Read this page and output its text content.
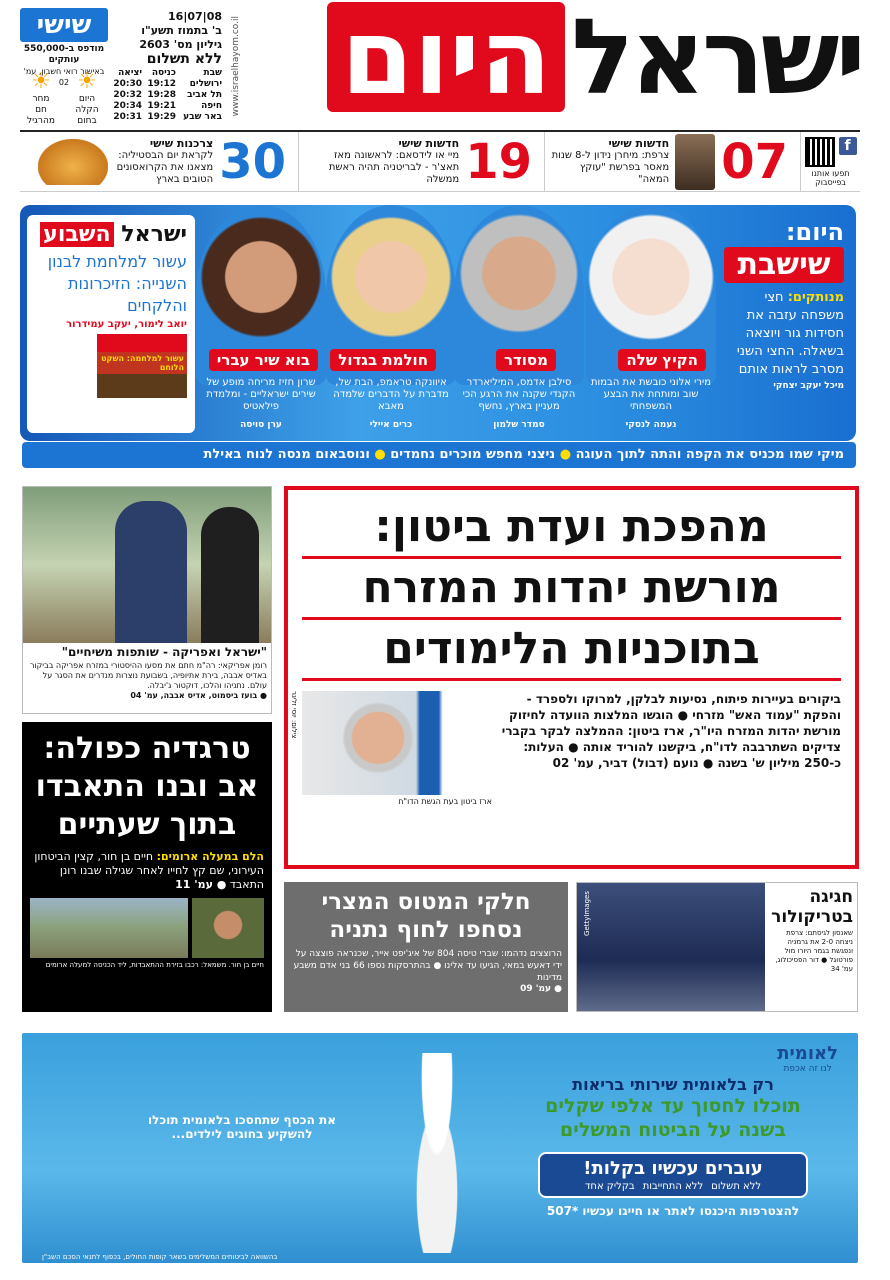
ישראל
היום
www.israelhayom.co.il
08|07|16
ב' בתמוז תשע"ו
גיליון מס' 2603
ללא תשלום
שבת
כניסה
יציאה
ירושלים
19:12
20:30
תל אביב
19:28
20:32
חיפה
19:21
20:34
באר שבע
19:29
20:31
שישי
מודפס ב-550,000 עותקים
באישור רואי חשבון, עמ' 02 ☀
היום
הקלה בחום
☀
מחר
חם מהרגיל
f
תפעו אותנו בפייסבוק
07
חדשות שישי
צרפת: מיחרן נידון ל-8 שנות מאסר בפרשת "עוקץ המאה"
19
חדשות שישי
מיי או לידסאם: לראשונה מאז תאצ'ר - לבריטניה תהיה ראשת ממשלה
30
צרכנות שישי
לקראת יום הבסטיליה: מצאנו את הקרואסונים הטובים בארץ
היום:
שישבת
מנותקים: חצי משפחה עזבה את חסידות גור ויוצאה בשאלה. החצי השני מסרב לראות אותם
מיכל יעקב יצחקי
הקיץ שלה
מסודר
חולמת בגדול
בוא שיר עברי
מירי אלוני כובשת את הבמות שוב ומותחת את הבצע המשפחתי
סילבן אדמס, המיליארדר הקנדי שקנה את הרגע הכי מעניין בארץ, נחשף
איוונקה טראמפ, הבת של, מדברת על הדברים שלמדה מאבא
שרון חזיז מריחה מופע של שירים ישראליים - ומלמדת פילאטיס
נעמה לנסקי
סמדר שלמון
כרים איילי
ערן סויסה
ישראל השבוע
עשור למלחמת לבנון השנייה: הזיכרונות והלקחים
יואב לימור, יעקב עמידרור
עשור למלחמה: השקט הלוחם
מיקי שמו מכניס את הקפה והתה לתוך העוגה ● ניצני מחפש מוכרים נחמדים ● ונוסבאום מנסה לנוח באילת
מהפכת ועדת ביטון:
מורשת יהדות המזרח
בתוכניות הלימודים
ביקורים בעיירות פיתוח, נסיעות לבלקן, למרוקו ולספרד - והפקת "עמוד האש" מזרחי ● הוגשו המלצות הוועדה לחיזוק מורשת יהדות המזרח היו"ר, ארז ביטון: ההמלצה לבקר בקברי צדיקים השתרבבה לדו"ח, ביקשנו להוריד אותה ● העלות: כ-250 מיליון ש' בשנה ● נועם (דבול) דביר, עמ' 02
ארז ביטון בעת הגשת הדו"ח
צילום: יוסי זליגר
"ישראל ואפריקה - שותפות משיחיים"
רומן אפריקאי: רה"מ חתם את מסעו ההיסטורי במזרח אפריקה בביקור באדיס אבבה, בירת אתיופיה, בשבועת נוצרות מנדרים את הסגר על עולם. נתניהו והלכו, דוקטור ג'יבלה.
● בועז ביסמוט, אדיס אבבה, עמ' 04
טרגדיה כפולה: אב ובנו התאבדו בתוך שעתיים
הלם במעלה ארומים: חיים בן חור, קצין הביטחון העירוני, שם קץ לחייו לאחר שגילה שבנו רונן התאבד ● עמ' 11
חיים בן חור. משמאל: רכבו בזירת ההתאבדות, ליד הכניסה למעלה ארומים
חלקי המטוס המצרי נסחפו לחוף נתניה
הרוצצים נדהמו: שברי טיסה 804 של איג'יפט אייר, שכנראה פוצצה על ידי דאעש במאי, הגיעו עד אלינו ● בהתרסקות נספו 66 בני אדם משבע מדינות
● עמ' 09
חגיגה בטריקולור
שאנסון לגיסתם: צרפת ניצחה 2-0 את גרמניה ונפגשת בגמר היורו מול פורטוגל ● דור הפסיכולוג, עמ' 34
GettyImages
לאומית
לנו זה אכפת
רק בלאומית שירותי בריאות
תוכלו לחסוך עד אלפי שקלים
בשנה על הביטוח המשלים
עוברים עכשיו בקלות!
ללא תשלום
ללא התחייבות
בקליק אחד
להצטרפות היכנסו לאתר או חייגו עכשיו *507
את הכסף שתחסכו בלאומית תוכלו להשקיע בחוגים לילדים...
בהשוואה לביטוחים המשלימים בשאר קופות החולים, בכפוף לתנאי הסכם השב"ן
